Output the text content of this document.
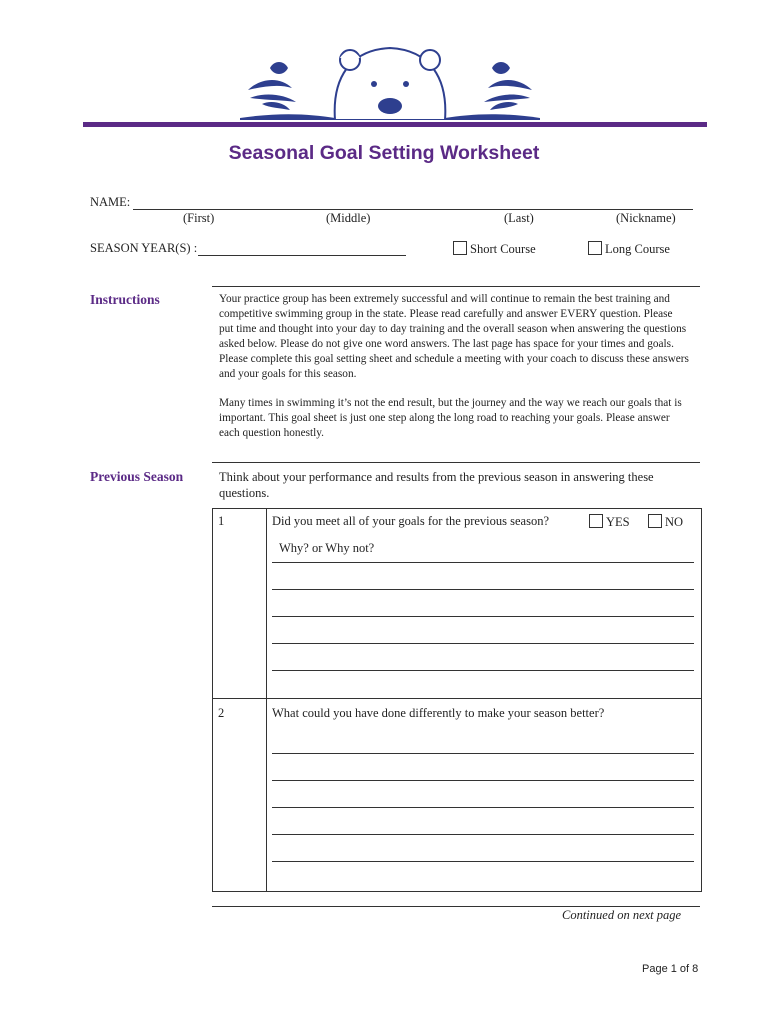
Seasonal Goal Setting Worksheet
NAME:
(First)	(Middle)	(Last)	(Nickname)
SEASON YEAR(S) :	Short Course	Long Course
Instructions	Your practice group has been extremely successful and will continue to remain the best training and competitive swimming group in the state. Please read carefully and answer EVERY question. Please put time and thought into your day to day training and the overall season when answering the questions asked below. Please do not give one word answers. The last page has space for your times and goals. Please complete this goal setting sheet and schedule a meeting with your coach to discuss these answers and your goals for this season.
Many times in swimming it’s not the end result, but the journey and the way we reach our goals that is important. This goal sheet is just one step along the long road to reaching your goals. Please answer each question honestly.
Previous Season	Think about your performance and results from the previous season in answering these questions.
1	Did you meet all of your goals for the previous season?	YES	NO
Why? or Why not?
2	What could you have done differently to make your season better?
Continued on next page
Page 1 of 8
